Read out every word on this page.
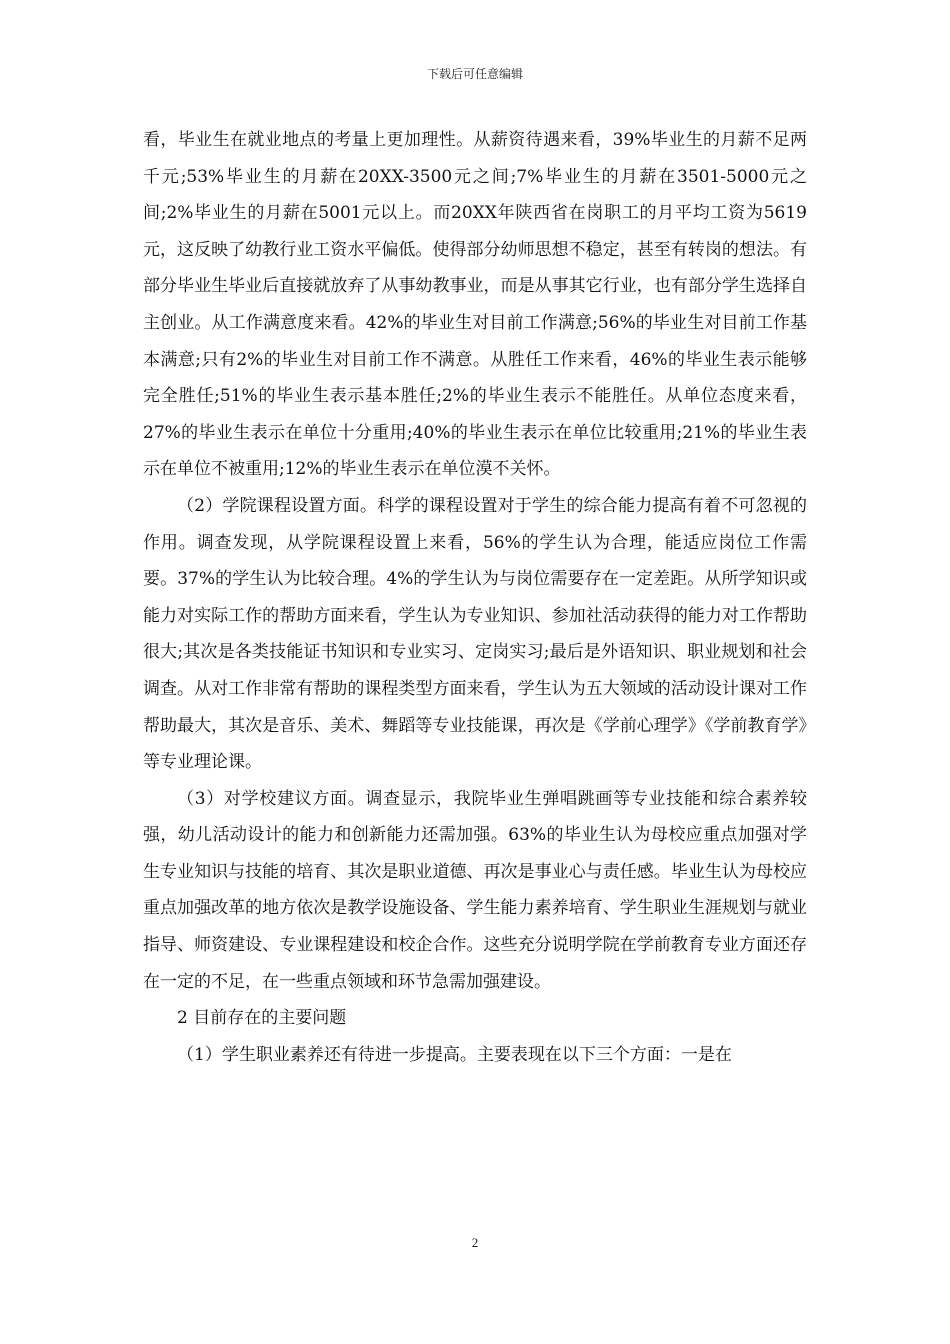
下载后可任意编辑

看，毕业生在就业地点的考量上更加理性。从薪资待遇来看，39%毕业生的月薪不足两千元;53%毕业生的月薪在20XX-3500元之间;7%毕业生的月薪在3501-5000元之间;2%毕业生的月薪在5001元以上。而20XX年陕西省在岗职工的月平均工资为5619元，这反映了幼教行业工资水平偏低。使得部分幼师思想不稳定，甚至有转岗的想法。有部分毕业生毕业后直接就放弃了从事幼教事业，而是从事其它行业，也有部分学生选择自主创业。从工作满意度来看。42%的毕业生对目前工作满意;56%的毕业生对目前工作基本满意;只有2%的毕业生对目前工作不满意。从胜任工作来看，46%的毕业生表示能够完全胜任;51%的毕业生表示基本胜任;2%的毕业生表示不能胜任。从单位态度来看，27%的毕业生表示在单位十分重用;40%的毕业生表示在单位比较重用;21%的毕业生表示在单位不被重用;12%的毕业生表示在单位漠不关怀。

（2）学院课程设置方面。科学的课程设置对于学生的综合能力提高有着不可忽视的作用。调查发现，从学院课程设置上来看，56%的学生认为合理，能适应岗位工作需要。37%的学生认为比较合理。4%的学生认为与岗位需要存在一定差距。从所学知识或能力对实际工作的帮助方面来看，学生认为专业知识、参加社活动获得的能力对工作帮助很大;其次是各类技能证书知识和专业实习、定岗实习;最后是外语知识、职业规划和社会调查。从对工作非常有帮助的课程类型方面来看，学生认为五大领域的活动设计课对工作帮助最大，其次是音乐、美术、舞蹈等专业技能课，再次是《学前心理学》《学前教育学》等专业理论课。

（3）对学校建议方面。调查显示，我院毕业生弹唱跳画等专业技能和综合素养较强，幼儿活动设计的能力和创新能力还需加强。63%的毕业生认为母校应重点加强对学生专业知识与技能的培育、其次是职业道德、再次是事业心与责任感。毕业生认为母校应重点加强改革的地方依次是教学设施设备、学生能力素养培育、学生职业生涯规划与就业指导、师资建设、专业课程建设和校企合作。这些充分说明学院在学前教育专业方面还存在一定的不足，在一些重点领域和环节急需加强建设。

2 目前存在的主要问题

（1）学生职业素养还有待进一步提高。主要表现在以下三个方面：一是在

2
